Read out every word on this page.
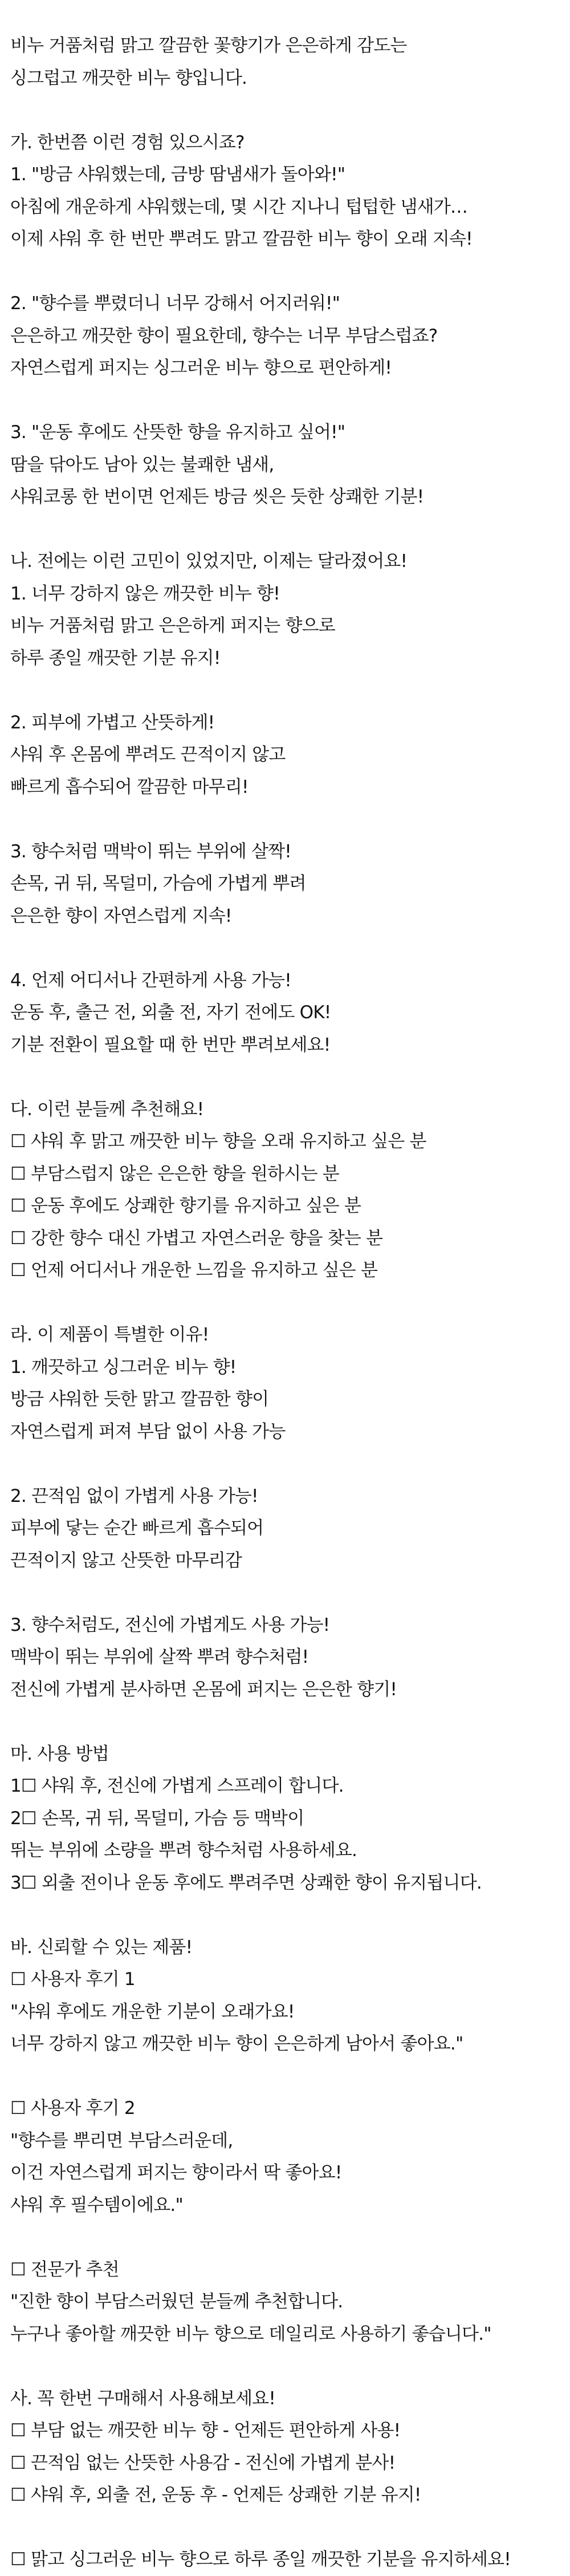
비누 거품처럼 맑고 깔끔한 꽃향기가 은은하게 감도는
싱그럽고 깨끗한 비누 향입니다.
가. 한번쯤 이런 경험 있으시죠?
1. "방금 샤워했는데, 금방 땀냄새가 돌아와!"
아침에 개운하게 샤워했는데, 몇 시간 지나니 텁텁한 냄새가…
이제 샤워 후 한 번만 뿌려도 맑고 깔끔한 비누 향이 오래 지속!
2. "향수를 뿌렸더니 너무 강해서 어지러워!"
은은하고 깨끗한 향이 필요한데, 향수는 너무 부담스럽죠?
자연스럽게 퍼지는 싱그러운 비누 향으로 편안하게!
3. "운동 후에도 산뜻한 향을 유지하고 싶어!"
땀을 닦아도 남아 있는 불쾌한 냄새,
샤워코롱 한 번이면 언제든 방금 씻은 듯한 상쾌한 기분!
나. 전에는 이런 고민이 있었지만, 이제는 달라졌어요!
1. 너무 강하지 않은 깨끗한 비누 향!
비누 거품처럼 맑고 은은하게 퍼지는 향으로
하루 종일 깨끗한 기분 유지!
2. 피부에 가볍고 산뜻하게!
샤워 후 온몸에 뿌려도 끈적이지 않고
빠르게 흡수되어 깔끔한 마무리!
3. 향수처럼 맥박이 뛰는 부위에 살짝!
손목, 귀 뒤, 목덜미, 가슴에 가볍게 뿌려
은은한 향이 자연스럽게 지속!
4. 언제 어디서나 간편하게 사용 가능!
운동 후, 출근 전, 외출 전, 자기 전에도 OK!
기분 전환이 필요할 때 한 번만 뿌려보세요!
다. 이런 분들께 추천해요!
☐ 샤워 후 맑고 깨끗한 비누 향을 오래 유지하고 싶은 분
☐ 부담스럽지 않은 은은한 향을 원하시는 분
☐ 운동 후에도 상쾌한 향기를 유지하고 싶은 분
☐ 강한 향수 대신 가볍고 자연스러운 향을 찾는 분
☐ 언제 어디서나 개운한 느낌을 유지하고 싶은 분
라. 이 제품이 특별한 이유!
1. 깨끗하고 싱그러운 비누 향!
방금 샤워한 듯한 맑고 깔끔한 향이
자연스럽게 퍼져 부담 없이 사용 가능
2. 끈적임 없이 가볍게 사용 가능!
피부에 닿는 순간 빠르게 흡수되어
끈적이지 않고 산뜻한 마무리감
3. 향수처럼도, 전신에 가볍게도 사용 가능!
맥박이 뛰는 부위에 살짝 뿌려 향수처럼!
전신에 가볍게 분사하면 온몸에 퍼지는 은은한 향기!
마. 사용 방법
1☐ 샤워 후, 전신에 가볍게 스프레이 합니다.
2☐ 손목, 귀 뒤, 목덜미, 가슴 등 맥박이
뛰는 부위에 소량을 뿌려 향수처럼 사용하세요.
3☐ 외출 전이나 운동 후에도 뿌려주면 상쾌한 향이 유지됩니다.
바. 신뢰할 수 있는 제품!
☐ 사용자 후기 1
"샤워 후에도 개운한 기분이 오래가요!
너무 강하지 않고 깨끗한 비누 향이 은은하게 남아서 좋아요."
☐ 사용자 후기 2
"향수를 뿌리면 부담스러운데,
이건 자연스럽게 퍼지는 향이라서 딱 좋아요!
샤워 후 필수템이에요."
☐ 전문가 추천
"진한 향이 부담스러웠던 분들께 추천합니다.
누구나 좋아할 깨끗한 비누 향으로 데일리로 사용하기 좋습니다."
사. 꼭 한번 구매해서 사용해보세요!
☐ 부담 없는 깨끗한 비누 향 - 언제든 편안하게 사용!
☐ 끈적임 없는 산뜻한 사용감 - 전신에 가볍게 분사!
☐ 샤워 후, 외출 전, 운동 후 - 언제든 상쾌한 기분 유지!
☐ 맑고 싱그러운 비누 향으로 하루 종일 깨끗한 기분을 유지하세요!
